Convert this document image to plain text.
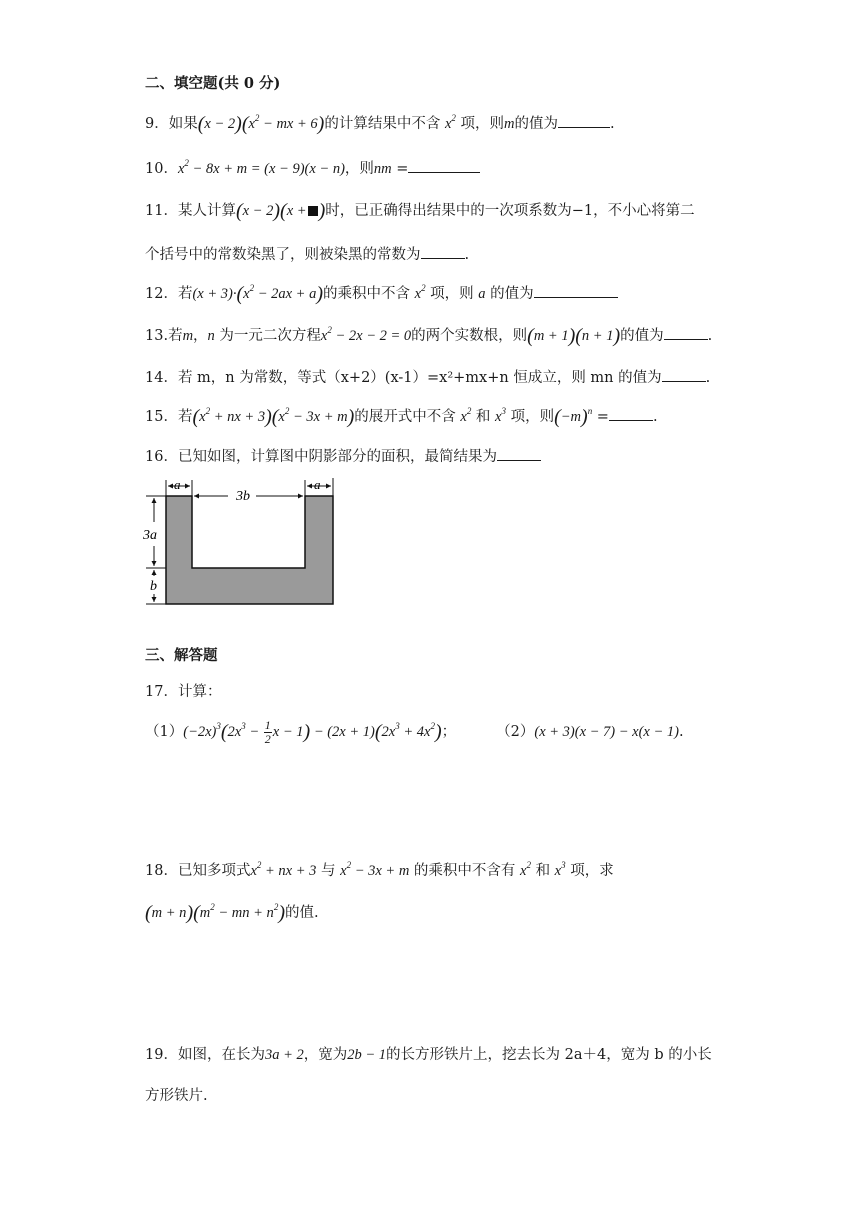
二、填空题(共 0 分)
9．如果$(x - 2)(x^2$ − mx + 6)的计算结果中不含 $x^2$ 项，则m的值为	.
10．$x^2 - 8x + m = (x - 9)(x - n)$，则nm =
11．某人计算(x − 2)(x + )时，已正确得出结果中的一次项系数为−1，不小心将第二
个括号中的常数染黑了，则被染黑的常数为	.
12．若$(x + 3)\cdot(x^2 - 2ax + a)$的乘积中不含 $x^2$ 项，则 a 的值为
13.若m，n 为一元二次方程$x^2 - 2x - 2 = 0$的两个实数根，则(m + 1)(n + 1)的值为	.
14．若 m，n 为常数，等式（x+2）(x-1）=x²+mx+n 恒成立，则 mn 的值为	.
15．若($x^2$ + nx + $3)(x^2 - 3x + m)$的展开式中不含 $x^2$ 和 $x^3$ 项，则$(-m)^n$ =	.
16．已知如图，计算图中阴影部分的面积，最简结果为
a
3b
a
3a
b
三、解答题
17．计算：
$(1)(-2x)^3(2x^3 - \frac{1}{2}$ $x - 1) - (2x + 1)(2x^3 + 4x^2)$；	（2）(x + 3)(x − 7) − x(x − 1).
18．已知多项式$x^2$ + nx + 3 与 $x^2 - 3x + m$ 的乘积中不含有 $x^2$ 和 $x^3$ 项，求
$(m + n)(m^2$ − mn + $n^2$)的值.
19．如图，在长为3a + 2，宽为2b − 1的长方形铁片上，挖去长为 2a＋4，宽为 b 的小长
方形铁片.
